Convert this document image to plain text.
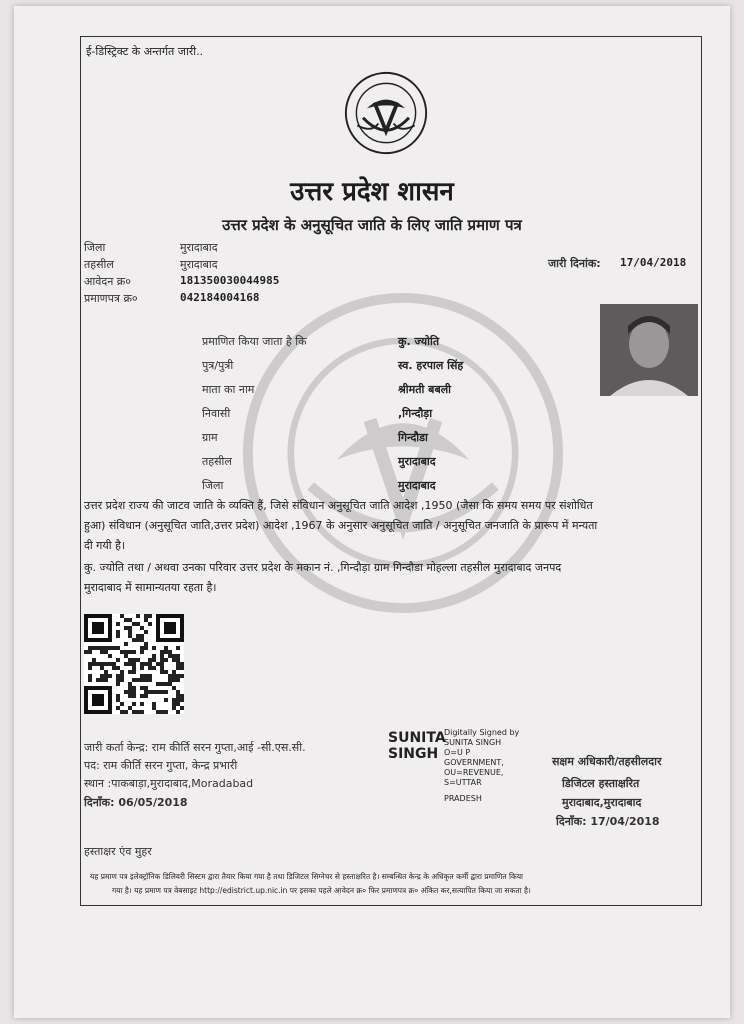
ई-डिस्ट्रिक्ट के अन्तर्गत जारी..
उत्तर प्रदेश शासन
उत्तर प्रदेश के अनुसूचित जाति के लिए जाति प्रमाण पत्र
जिला	मुरादाबाद
तहसील	मुरादाबाद
आवेदन क्र०	181350030044985
प्रमाणपत्र क्र०	042184004168
जारी दिनांक: 17/04/2018
प्रमाणित किया जाता है कि	कु. ज्योति
पुत्र/पुत्री	स्व. हरपाल सिंह
माता का नाम	श्रीमती बबली
निवासी	,गिन्दौड़ा
ग्राम	गिन्दौडा
तहसील	मुरादाबाद
जिला	मुरादाबाद
उत्तर प्रदेश राज्य की जाटव जाति के व्यक्ति हैं, जिसे संविधान अनुसूचित जाति आदेश ,1950 (जैसा कि समय समय पर संशोधित
हुआ) संविधान (अनुसूचित जाति,उत्तर प्रदेश) आदेश ,1967 के अनुसार अनुसूचित जाति / अनुसूचित जनजाति के प्रारूप में मन्यता
दी गयी है।
कु. ज्योति तथा / अथवा उनका परिवार उत्तर प्रदेश के मकान नं. ,गिन्दौड़ा ग्राम गिन्दौडा मोहल्ला तहसील मुरादाबाद जनपद
मुरादाबाद में सामान्यतया रहता है।
जारी कर्ता केन्द्र: राम कीर्ति सरन गुप्ता,आई -सी.एस.सी.
पद: राम कीर्ति सरन गुप्ता, केन्द्र प्रभारी
स्थान :पाकबाड़ा,मुरादाबाद,Moradabad
दिनाँक: 06/05/2018
SUNITA
SINGH
Digitally Signed by
SUNITA SINGH
O=U P
GOVERNMENT,
OU=REVENUE,
S=UTTAR
PRADESH
सक्षम अधिकारी/तहसीलदार
डिजिटल हस्ताक्षरित
मुरादाबाद,मुरादाबाद
दिनाँक: 17/04/2018
हस्ताक्षर एंव मुहर
यह प्रमाण पत्र इलेक्ट्रॉनिक डिलिवरी सिस्टम द्वारा तैयार किया गया है तथा डिजिटल सिग्नेचर से हस्ताक्षरित है। सम्बन्धित केन्द्र के अधिकृत कर्मी द्वारा प्रमाणित किया
गया है। यह प्रमाण पत्र वेबसाइट http://edistrict.up.nic.in पर इसका पहले आवेदन क्र० फिर प्रमाणपत्र क्र० अंकित कर,सत्यापित किया जा सकता है।
